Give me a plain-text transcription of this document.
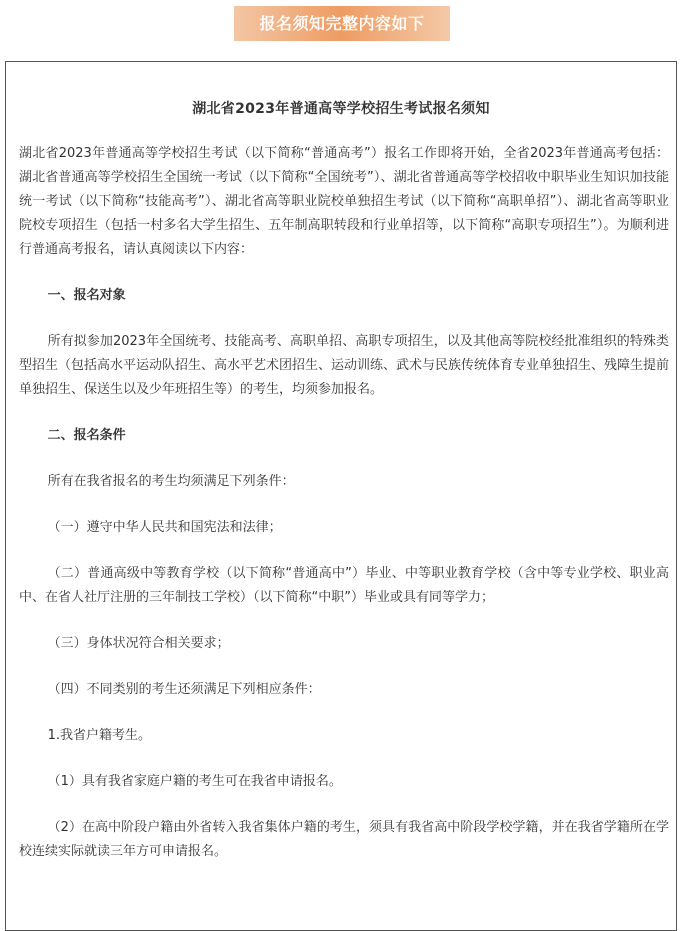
报名须知完整内容如下
湖北省2023年普通高等学校招生考试报名须知

湖北省2023年普通高等学校招生考试（以下简称“普通高考”）报名工作即将开始，全省2023年普通高考包括：湖北省普通高等学校招生全国统一考试（以下简称“全国统考”）、湖北省普通高等学校招收中职毕业生知识加技能统一考试（以下简称“技能高考”）、湖北省高等职业院校单独招生考试（以下简称“高职单招”）、湖北省高等职业院校专项招生（包括一村多名大学生招生、五年制高职转段和行业单招等，以下简称“高职专项招生”）。为顺利进行普通高考报名，请认真阅读以下内容：

一、报名对象

所有拟参加2023年全国统考、技能高考、高职单招、高职专项招生，以及其他高等院校经批准组织的特殊类型招生（包括高水平运动队招生、高水平艺术团招生、运动训练、武术与民族传统体育专业单独招生、残障生提前单独招生、保送生以及少年班招生等）的考生，均须参加报名。

二、报名条件

所有在我省报名的考生均须满足下列条件：

（一）遵守中华人民共和国宪法和法律；

（二）普通高级中等教育学校（以下简称“普通高中”）毕业、中等职业教育学校（含中等专业学校、职业高中、在省人社厅注册的三年制技工学校）（以下简称“中职”）毕业或具有同等学力；

（三）身体状况符合相关要求；

（四）不同类别的考生还须满足下列相应条件：

1.我省户籍考生。

（1）具有我省家庭户籍的考生可在我省申请报名。

（2）在高中阶段户籍由外省转入我省集体户籍的考生，须具有我省高中阶段学校学籍，并在我省学籍所在学校连续实际就读三年方可申请报名。
